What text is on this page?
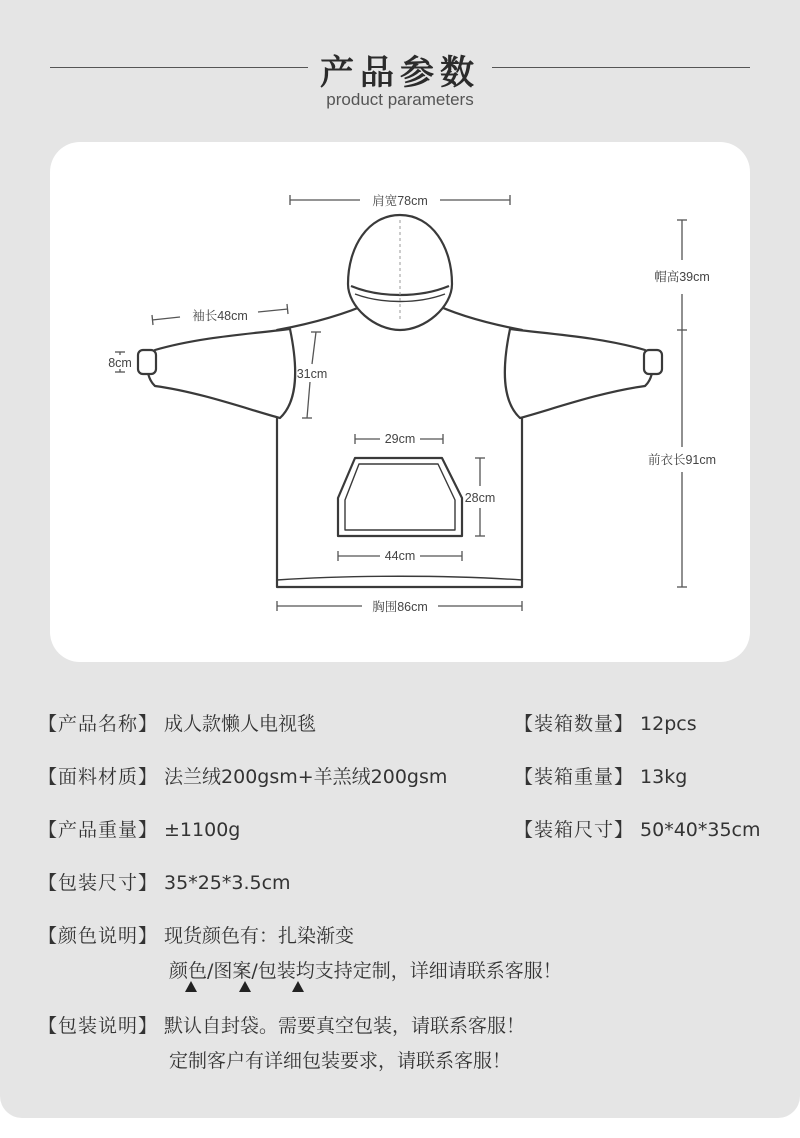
产品参数
product parameters
肩宽78cm
帽高39cm
前衣长91cm
袖长48cm
8cm
31cm
29cm
28cm
44cm
胸围86cm
【产品名称】 成人款懒人电视毯	【装箱数量】 12pcs
【面料材质】 法兰绒200gsm+羊羔绒200gsm	【装箱重量】 13kg
【产品重量】 ±1100g	【装箱尺寸】 50*40*35cm
【包装尺寸】 35*25*3.5cm
【颜色说明】 现货颜色有：扎染渐变
颜色/图案/包装均支持定制，详细请联系客服！
【包装说明】 默认自封袋。需要真空包装，请联系客服！
定制客户有详细包装要求，请联系客服！
